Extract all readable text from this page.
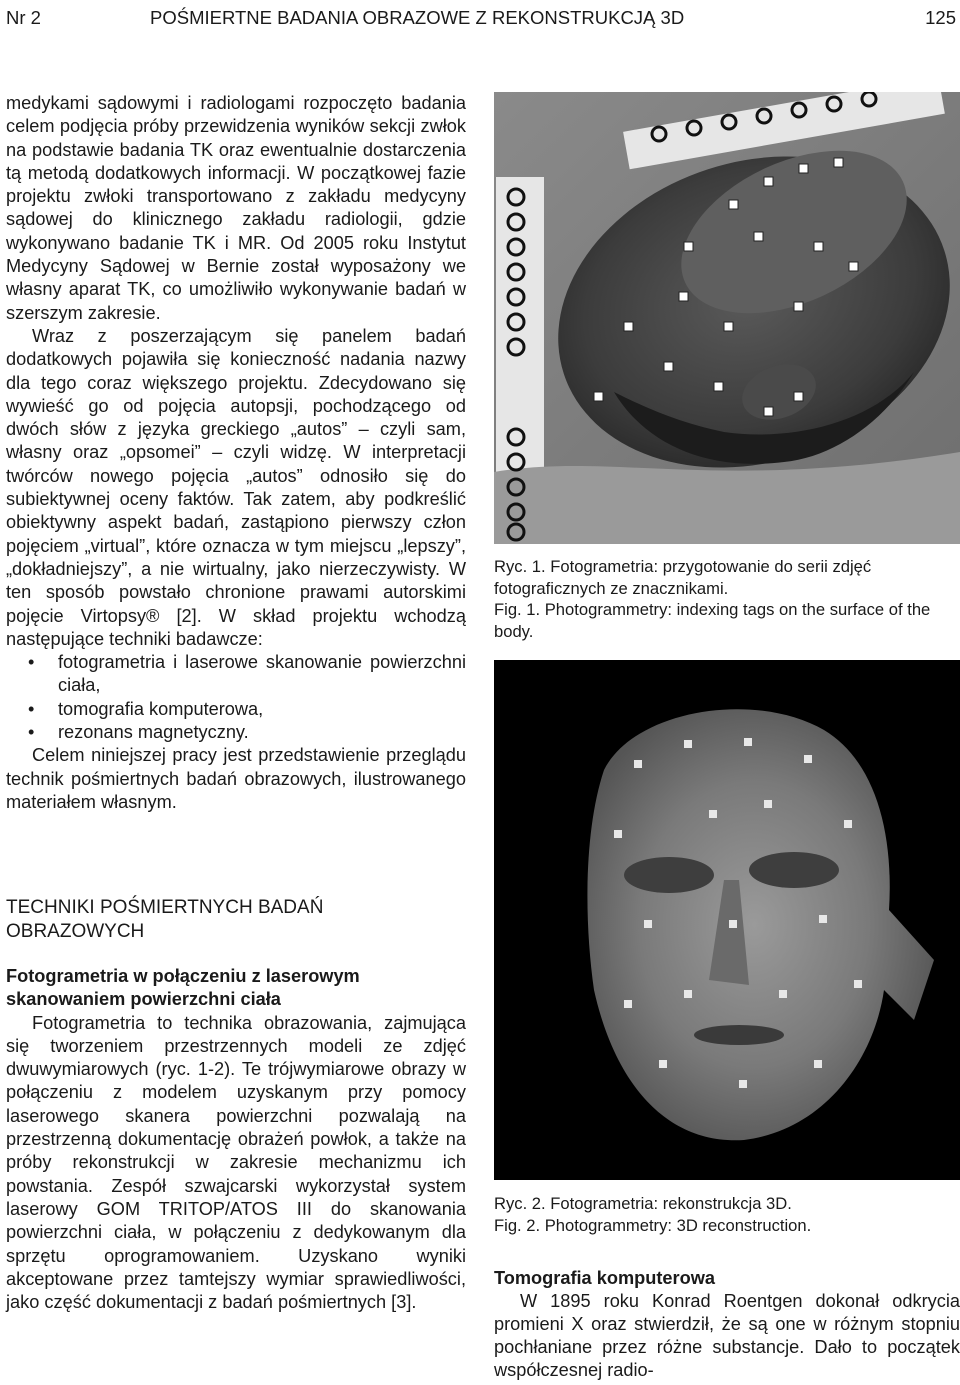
Nr 2	POŚMIERTNE BADANIA OBRAZOWE Z REKONSTRUKCJĄ 3D	125

medykami sądowymi i radiologami rozpoczęto badania celem podjęcia próby przewidzenia wyników sekcji zwłok na podstawie badania TK oraz ewentualnie dostarczenia tą metodą dodatkowych informacji. W początkowej fazie projektu zwłoki transportowano z zakładu medycyny sądowej do klinicznego zakładu radiologii, gdzie wykonywano badanie TK i MR. Od 2005 roku Instytut Medycyny Sądowej w Bernie został wyposażony we własny aparat TK, co umożliwiło wykonywanie badań w szerszym zakresie.

Wraz z poszerzającym się panelem badań dodatkowych pojawiła się konieczność nadania nazwy dla tego coraz większego projektu. Zdecydowano się wywieść go od pojęcia autopsji, pochodzącego od dwóch słów z języka greckiego „autos” – czyli sam, własny oraz „opsomei” – czyli widzę. W interpretacji twórców nowego pojęcia „autos” odnosiło się do subiektywnej oceny faktów. Tak zatem, aby podkreślić obiektywny aspekt badań, zastąpiono pierwszy człon pojęciem „virtual”, które oznacza w tym miejscu „lepszy”, „dokładniejszy”, a nie wirtualny, jako nierzeczywisty. W ten sposób powstało chronione prawami autorskimi pojęcie Virtopsy® [2]. W skład projektu wchodzą następujące techniki badawcze:

• fotogrametria i laserowe skanowanie powierzchni ciała,
• tomografia komputerowa,
• rezonans magnetyczny.

Celem niniejszej pracy jest przedstawienie przeglądu technik pośmiertnych badań obrazowych, ilustrowanego materiałem własnym.

TECHNIKI POŚMIERTNYCH BADAŃ
OBRAZOWYCH
Fotogrametria w połączeniu z laserowym
skanowaniem powierzchni ciała

Fotogrametria to technika obrazowania, zajmująca się tworzeniem przestrzennych modeli ze zdjęć dwuwymiarowych (ryc. 1-2). Te trójwymiarowe obrazy w połączeniu z modelem uzyskanym przy pomocy laserowego skanera powierzchni pozwalają na przestrzenną dokumentację obrażeń powłok, a także na próby rekonstrukcji w zakresie mechanizmu ich powstania. Zespół szwajcarski wykorzystał system laserowy GOM TRITOP/ATOS III do skanowania powierzchni ciała, w połączeniu z dedykowanym dla sprzętu oprogramowaniem. Uzyskano wyniki akceptowane przez tamtejszy wymiar sprawiedliwości, jako część dokumentacji z badań pośmiertnych [3].

Ryc. 1. Fotogrametria: przygotowanie do serii zdjęć fotograficznych ze znacznikami.
Fig. 1. Photogrammetry: indexing tags on the surface of the body.
Ryc. 2. Fotogrametria: rekonstrukcja 3D.
Fig. 2. Photogrammetry: 3D reconstruction.
Tomografia komputerowa

W 1895 roku Konrad Roentgen dokonał odkrycia promieni X oraz stwierdził, że są one w różnym stopniu pochłaniane przez różne substancje. Dało to początek współczesnej radio-
